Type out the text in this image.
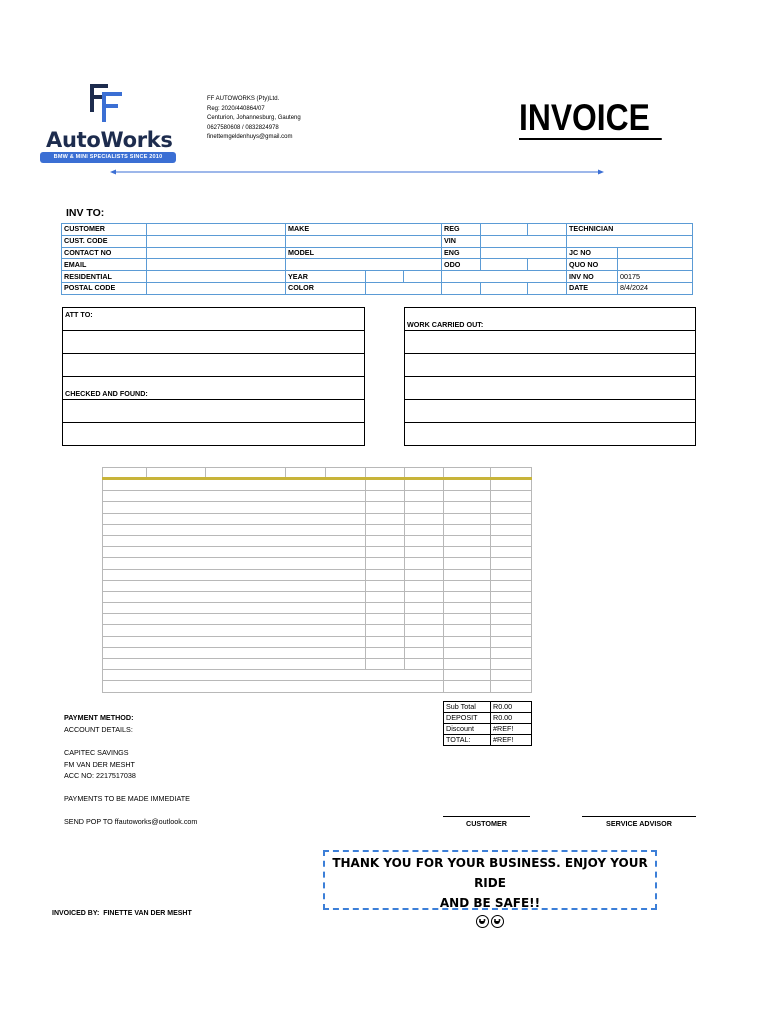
AutoWorks
BMW & MINI SPECIALISTS SINCE 2010
FF AUTOWORKS (Pty)Ltd.
Reg: 2020/440864/07
Centurion, Johannesburg, Gauteng
0627580608 / 0832824978
finettemgeldenhuys@gmail.com	INVOICE
INV TO:
CUSTOMER		MAKE			REG			TECHNICIAN	
CUST. CODE					VIN				
CONTACT NO		MODEL			ENG			JC NO	
EMAIL					ODO			QUO NO	
RESIDENTIAL		YEAR						INV NO	00175
POSTAL CODE		COLOR						DATE	8/4/2024
ATT TO:
CHECKED AND FOUND:
WORK CARRIED OUT:

Sub Total	R0.00
DEPOSIT	R0.00
Discount	#REF!
TOTAL:	#REF!
PAYMENT METHOD:
ACCOUNT DETAILS:
CAPITEC SAVINGS
FM VAN DER MESHT
ACC NO: 2217517038
PAYMENTS TO BE MADE IMMEDIATE
SEND POP TO ffautoworks@outlook.com	CUSTOMER	SERVICE ADVISOR
THANK YOU FOR YOUR BUSINESS. ENJOY YOUR RIDE
AND BE SAFE!!
INVOICED BY:  FINETTE VAN DER MESHT
